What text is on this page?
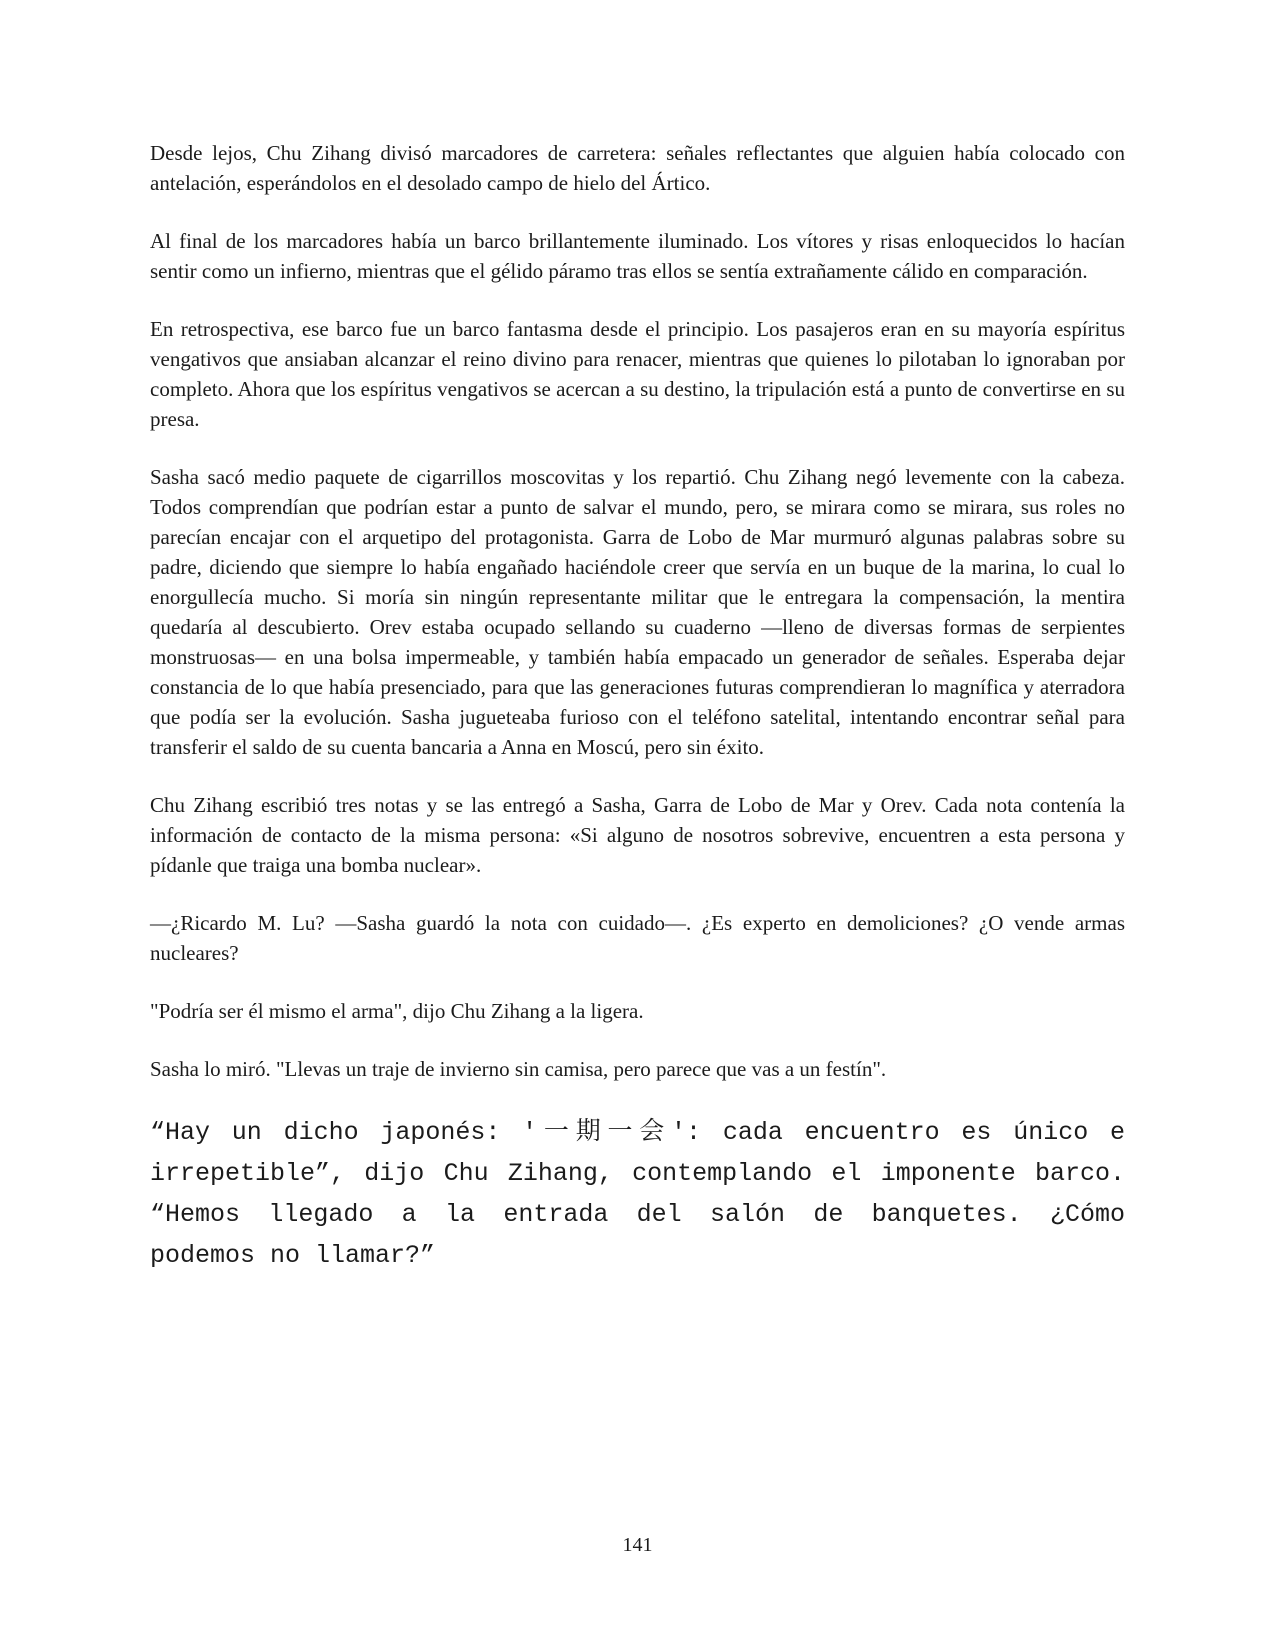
Desde lejos, Chu Zihang divisó marcadores de carretera: señales reflectantes que alguien había colocado con antelación, esperándolos en el desolado campo de hielo del Ártico.

Al final de los marcadores había un barco brillantemente iluminado. Los vítores y risas enloquecidos lo hacían sentir como un infierno, mientras que el gélido páramo tras ellos se sentía extrañamente cálido en comparación.

En retrospectiva, ese barco fue un barco fantasma desde el principio. Los pasajeros eran en su mayoría espíritus vengativos que ansiaban alcanzar el reino divino para renacer, mientras que quienes lo pilotaban lo ignoraban por completo. Ahora que los espíritus vengativos se acercan a su destino, la tripulación está a punto de convertirse en su presa.

Sasha sacó medio paquete de cigarrillos moscovitas y los repartió. Chu Zihang negó levemente con la cabeza. Todos comprendían que podrían estar a punto de salvar el mundo, pero, se mirara como se mirara, sus roles no parecían encajar con el arquetipo del protagonista. Garra de Lobo de Mar murmuró algunas palabras sobre su padre, diciendo que siempre lo había engañado haciéndole creer que servía en un buque de la marina, lo cual lo enorgullecía mucho. Si moría sin ningún representante militar que le entregara la compensación, la mentira quedaría al descubierto. Orev estaba ocupado sellando su cuaderno —lleno de diversas formas de serpientes monstruosas— en una bolsa impermeable, y también había empacado un generador de señales. Esperaba dejar constancia de lo que había presenciado, para que las generaciones futuras comprendieran lo magnífica y aterradora que podía ser la evolución. Sasha jugueteaba furioso con el teléfono satelital, intentando encontrar señal para transferir el saldo de su cuenta bancaria a Anna en Moscú, pero sin éxito.

Chu Zihang escribió tres notas y se las entregó a Sasha, Garra de Lobo de Mar y Orev. Cada nota contenía la información de contacto de la misma persona: «Si alguno de nosotros sobrevive, encuentren a esta persona y pídanle que traiga una bomba nuclear».

—¿Ricardo M. Lu? —Sasha guardó la nota con cuidado—. ¿Es experto en demoliciones? ¿O vende armas nucleares?

"Podría ser él mismo el arma", dijo Chu Zihang a la ligera.

Sasha lo miró. "Llevas un traje de invierno sin camisa, pero parece que vas a un festín".

“Hay un dicho japonés: '一期一会': cada encuentro es único e irrepetible”, dijo Chu Zihang, contemplando el imponente barco. “Hemos llegado a la entrada del salón de banquetes. ¿Cómo podemos no llamar?”

141
